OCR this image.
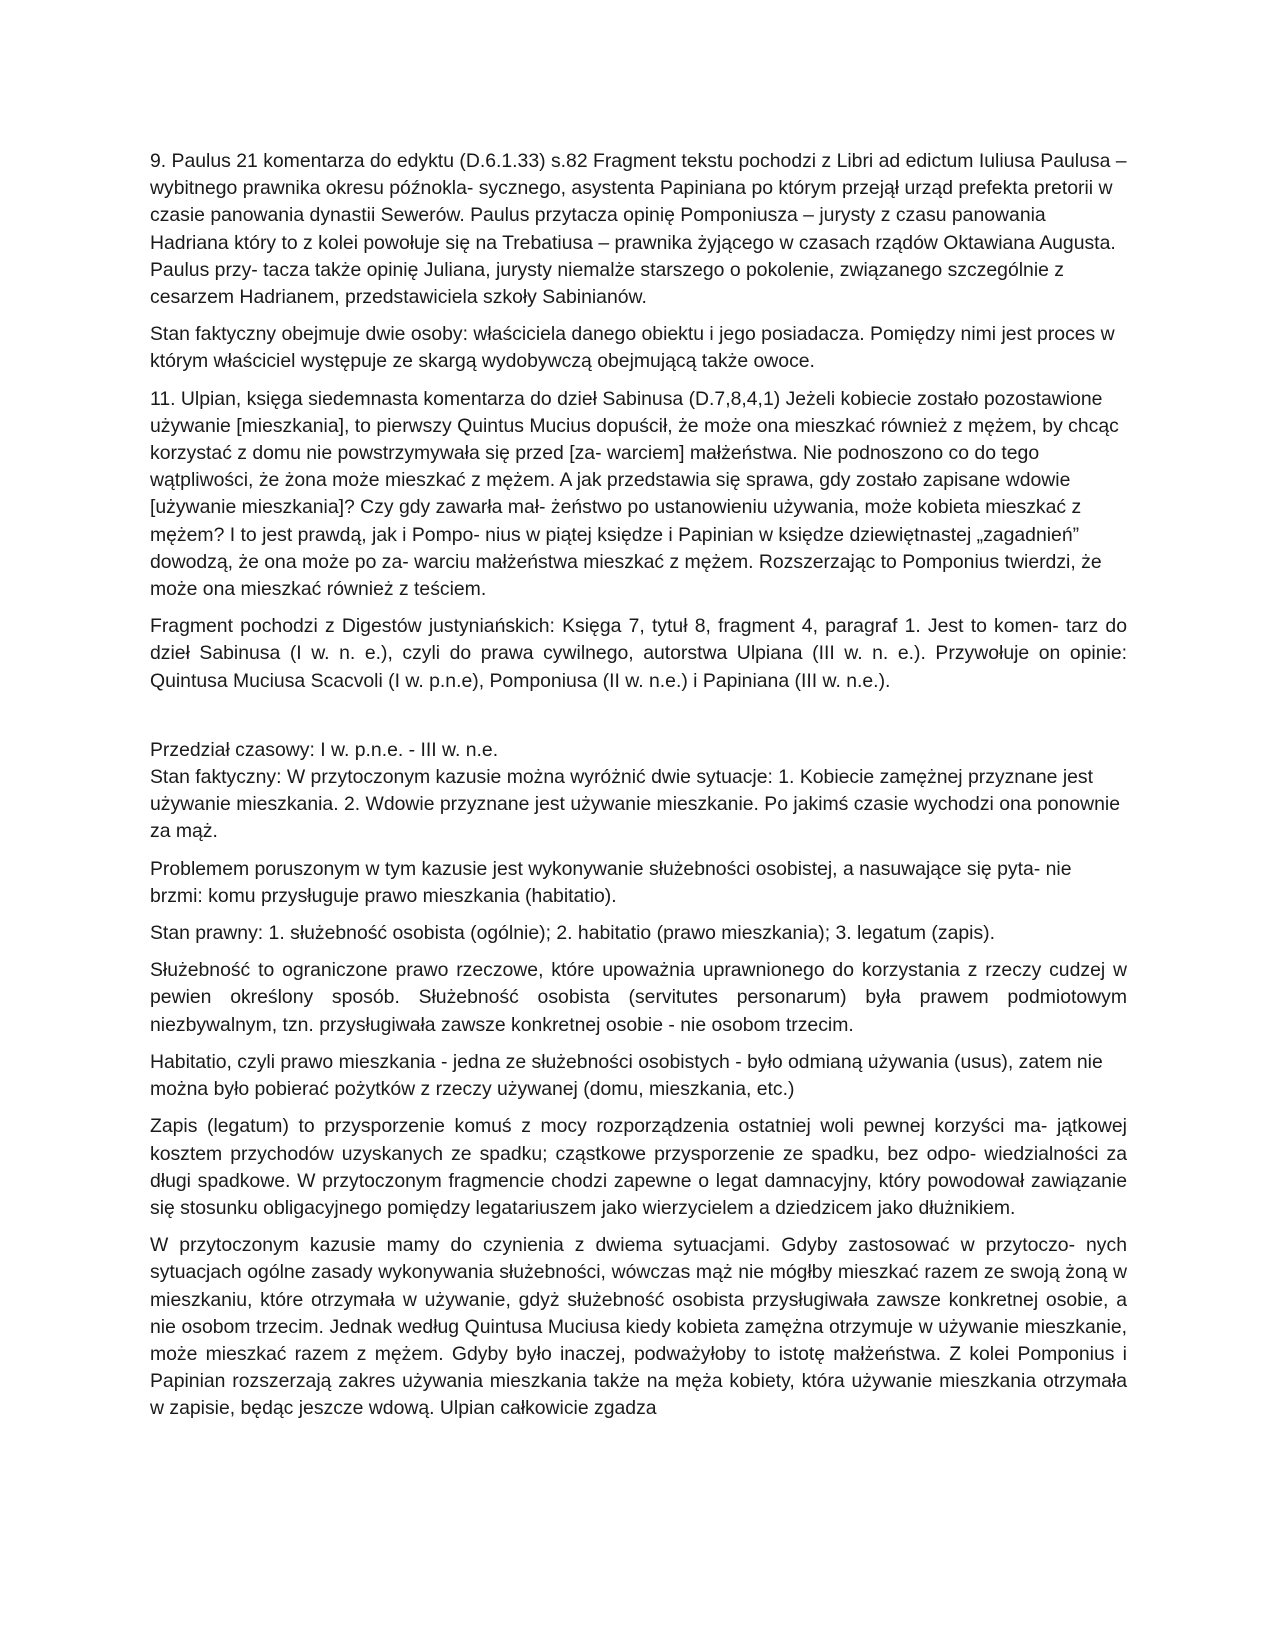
9. Paulus 21 komentarza do edyktu (D.6.1.33) s.82 Fragment tekstu pochodzi z Libri ad edictum Iuliusa Paulusa – wybitnego prawnika okresu późnokla- sycznego, asystenta Papiniana po którym przejął urząd prefekta pretorii w czasie panowania dynastii Sewerów. Paulus przytacza opinię Pomponiusza – jurysty z czasu panowania Hadriana który to z kolei powołuje się na Trebatiusa – prawnika żyjącego w czasach rządów Oktawiana Augusta. Paulus przy- tacza także opinię Juliana, jurysty niemalże starszego o pokolenie, związanego szczególnie z cesarzem Hadrianem, przedstawiciela szkoły Sabinianów.

Stan faktyczny obejmuje dwie osoby: właściciela danego obiektu i jego posiadacza. Pomiędzy nimi jest proces w którym właściciel występuje ze skargą wydobywczą obejmującą także owoce.

11. Ulpian, księga siedemnasta komentarza do dzieł Sabinusa (D.7,8,4,1) Jeżeli kobiecie zostało pozostawione używanie [mieszkania], to pierwszy Quintus Mucius dopuścił, że może ona mieszkać również z mężem, by chcąc korzystać z domu nie powstrzymywała się przed [za- warciem] małżeństwa. Nie podnoszono co do tego wątpliwości, że żona może mieszkać z mężem. A jak przedstawia się sprawa, gdy zostało zapisane wdowie [używanie mieszkania]? Czy gdy zawarła mał- żeństwo po ustanowieniu używania, może kobieta mieszkać z mężem? I to jest prawdą, jak i Pompo- nius w piątej księdze i Papinian w księdze dziewiętnastej „zagadnień” dowodzą, że ona może po za- warciu małżeństwa mieszkać z mężem. Rozszerzając to Pomponius twierdzi, że może ona mieszkać również z teściem.

Fragment pochodzi z Digestów justyniańskich: Księga 7, tytuł 8, fragment 4, paragraf 1. Jest to komen- tarz do dzieł Sabinusa (I w. n. e.), czyli do prawa cywilnego, autorstwa Ulpiana (III w. n. e.). Przywołuje on opinie: Quintusa Muciusa Scacvoli (I w. p.n.e), Pomponiusa (II w. n.e.) i Papiniana (III w. n.e.).

Przedział czasowy: I w. p.n.e. - III w. n.e.

Stan faktyczny: W przytoczonym kazusie można wyróżnić dwie sytuacje: 1. Kobiecie zamężnej przyznane jest używanie mieszkania. 2. Wdowie przyznane jest używanie mieszkanie. Po jakimś czasie wychodzi ona ponownie za mąż.

Problemem poruszonym w tym kazusie jest wykonywanie służebności osobistej, a nasuwające się pyta- nie brzmi: komu przysługuje prawo mieszkania (habitatio).

Stan prawny: 1. służebność osobista (ogólnie); 2. habitatio (prawo mieszkania); 3. legatum (zapis).

Służebność to ograniczone prawo rzeczowe, które upoważnia uprawnionego do korzystania z rzeczy cudzej w pewien określony sposób. Służebność osobista (servitutes personarum) była prawem podmiotowym niezbywalnym, tzn. przysługiwała zawsze konkretnej osobie - nie osobom trzecim.

Habitatio, czyli prawo mieszkania - jedna ze służebności osobistych - było odmianą używania (usus), zatem nie można było pobierać pożytków z rzeczy używanej (domu, mieszkania, etc.)

Zapis (legatum) to przysporzenie komuś z mocy rozporządzenia ostatniej woli pewnej korzyści ma- jątkowej kosztem przychodów uzyskanych ze spadku; cząstkowe przysporzenie ze spadku, bez odpo- wiedzialności za długi spadkowe. W przytoczonym fragmencie chodzi zapewne o legat damnacyjny, który powodował zawiązanie się stosunku obligacyjnego pomiędzy legatariuszem jako wierzycielem a dziedzicem jako dłużnikiem.

W przytoczonym kazusie mamy do czynienia z dwiema sytuacjami. Gdyby zastosować w przytoczo- nych sytuacjach ogólne zasady wykonywania służebności, wówczas mąż nie mógłby mieszkać razem ze swoją żoną w mieszkaniu, które otrzymała w używanie, gdyż służebność osobista przysługiwała zawsze konkretnej osobie, a nie osobom trzecim. Jednak według Quintusa Muciusa kiedy kobieta zamężna otrzymuje w używanie mieszkanie, może mieszkać razem z mężem. Gdyby było inaczej, podważyłoby to istotę małżeństwa. Z kolei Pomponius i Papinian rozszerzają zakres używania mieszkania także na męża kobiety, która używanie mieszkania otrzymała w zapisie, będąc jeszcze wdową. Ulpian całkowicie zgadza
